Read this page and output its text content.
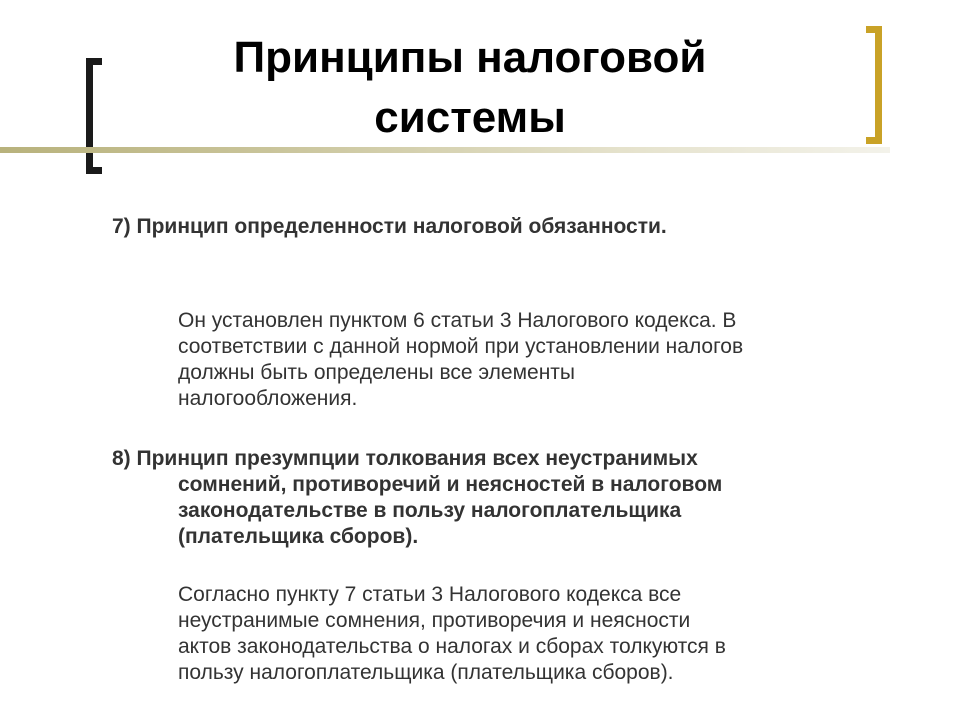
Принципы налоговой
системы

7) Принцип определенности налоговой обязанности.

Он установлен пунктом 6 статьи 3 Налогового кодекса. В
соответствии с данной нормой при установлении налогов
должны быть определены все элементы
налогообложения.

8) Принцип презумпции толкования всех неустранимых
сомнений, противоречий и неясностей в налоговом
законодательстве в пользу налогоплательщика
(плательщика сборов).

Согласно пункту 7 статьи 3 Налогового кодекса все
неустранимые сомнения, противоречия и неясности
актов законодательства о налогах и сборах толкуются в
пользу налогоплательщика (плательщика сборов).
